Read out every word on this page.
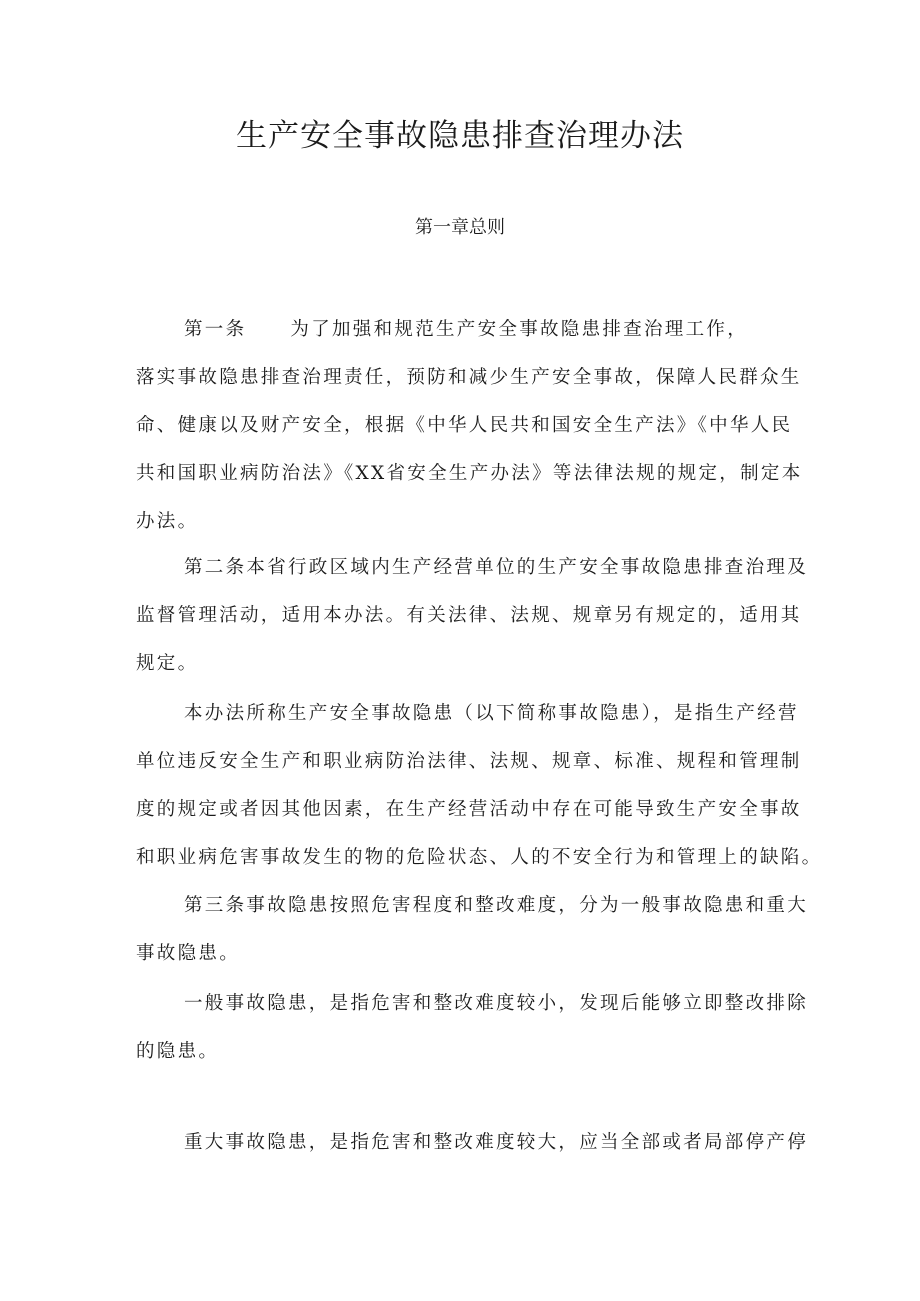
生产安全事故隐患排查治理办法
第一章总则
第一条 为了加强和规范生产安全事故隐患排查治理工作，
落实事故隐患排查治理责任，预防和减少生产安全事故，保障人民群众生
命、健康以及财产安全，根据《中华人民共和国安全生产法》《中华人民
共和国职业病防治法》《XX省安全生产办法》等法律法规的规定，制定本
办法。
第二条本省行政区域内生产经营单位的生产安全事故隐患排查治理及
监督管理活动，适用本办法。有关法律、法规、规章另有规定的，适用其
规定。
本办法所称生产安全事故隐患（以下简称事故隐患），是指生产经营
单位违反安全生产和职业病防治法律、法规、规章、标准、规程和管理制
度的规定或者因其他因素，在生产经营活动中存在可能导致生产安全事故
和职业病危害事故发生的物的危险状态、人的不安全行为和管理上的缺陷。
第三条事故隐患按照危害程度和整改难度，分为一般事故隐患和重大
事故隐患。
一般事故隐患，是指危害和整改难度较小，发现后能够立即整改排除
的隐患。
重大事故隐患，是指危害和整改难度较大，应当全部或者局部停产停
